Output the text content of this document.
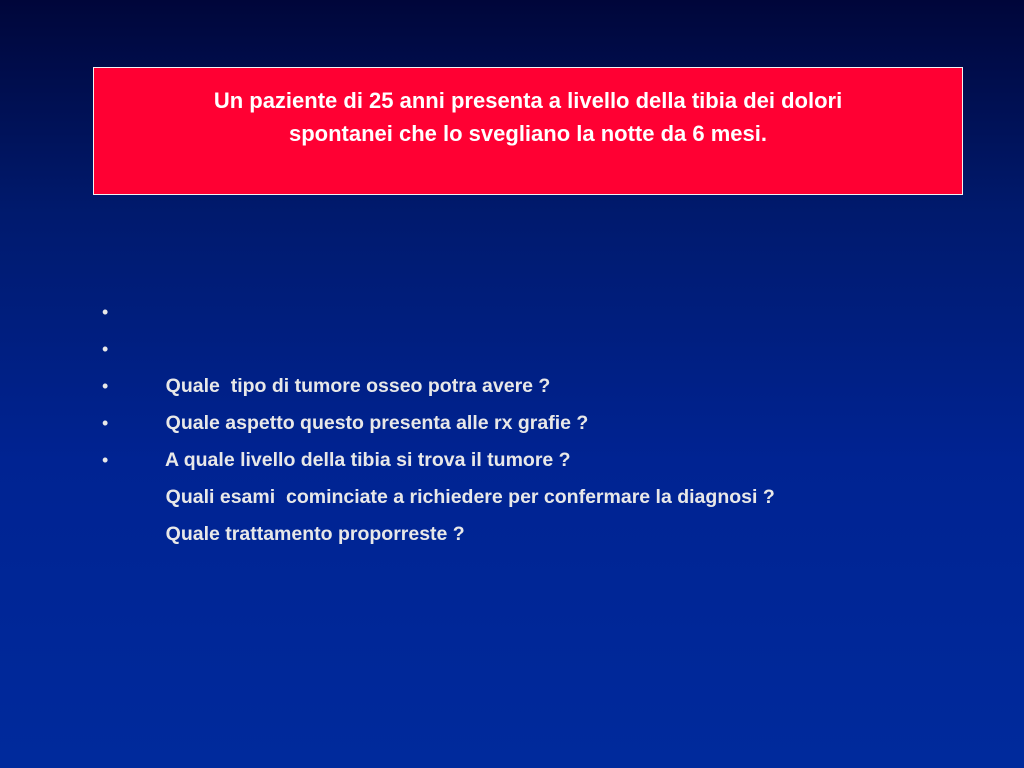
Un paziente di 25 anni presenta a livello della tibia dei dolori
spontanei che lo svegliano la notte da 6 mesi.

•

Quale  tipo di tumore osseo potra avere ?

•

Quale aspetto questo presenta alle rx grafie ?

•

A quale livello della tibia si trova il tumore ?

•

Quali esami  cominciate a richiedere per confermare la diagnosi ?

•

Quale trattamento proporreste ?
